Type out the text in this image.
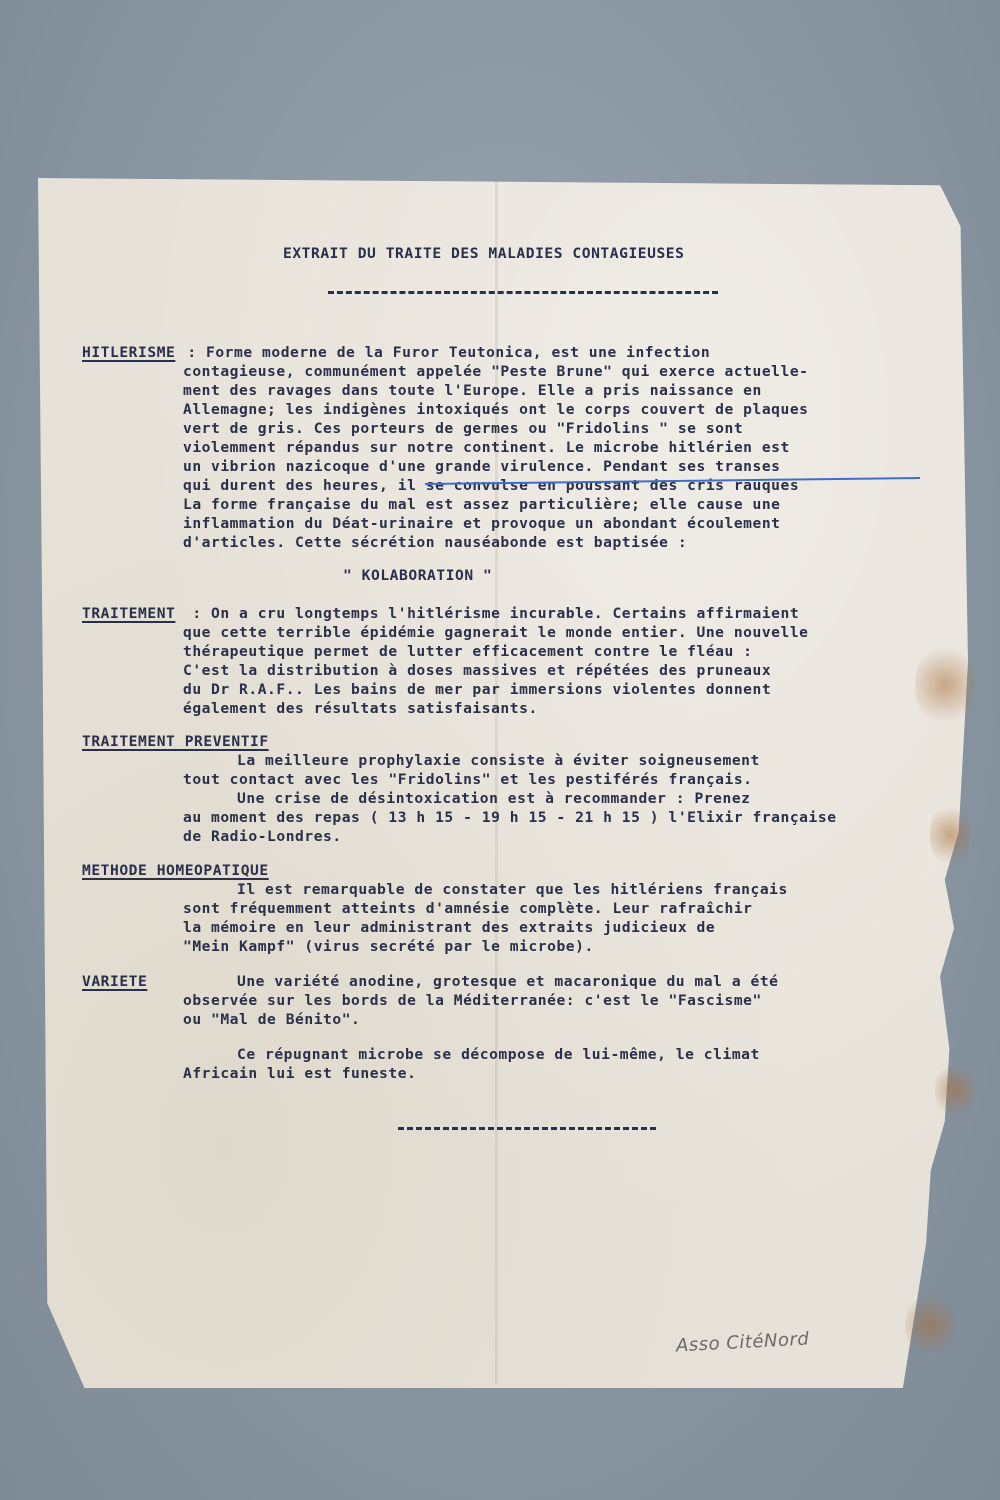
EXTRAIT DU TRAITE DES MALADIES CONTAGIEUSES

HITLERISME : Forme moderne de la Furor Teutonica, est une infection

contagieuse, communément appelée "Peste Brune" qui exerce actuelle-

ment des ravages dans toute l'Europe. Elle a pris naissance en

Allemagne; les indigènes intoxiqués ont le corps couvert de plaques

vert de gris. Ces porteurs de germes ou "Fridolins " se sont

violemment répandus sur notre continent. Le microbe hitlérien est

un vibrion nazicoque d'une grande virulence. Pendant ses transes

qui durent des heures, il se convulse en poussant des cris rauques

La forme française du mal est assez particulière; elle cause une

inflammation du Déat-urinaire et provoque un abondant écoulement

d'articles. Cette sécrétion nauséabonde est baptisée :

" KOLABORATION "

TRAITEMENT : On a cru longtemps l'hitlérisme incurable. Certains affirmaient

que cette terrible épidémie gagnerait le monde entier. Une nouvelle

thérapeutique permet de lutter efficacement contre le fléau :

C'est la distribution à doses massives et répétées des pruneaux

du Dr R.A.F.. Les bains de mer par immersions violentes donnent

également des résultats satisfaisants.

TRAITEMENT PREVENTIF

La meilleure prophylaxie consiste à éviter soigneusement

tout contact avec les "Fridolins" et les pestiférés français.

Une crise de désintoxication est à recommander : Prenez

au moment des repas ( 13 h 15 - 19 h 15 - 21 h 15 ) l'Elixir française

de Radio-Londres.

METHODE HOMEOPATIQUE

Il est remarquable de constater que les hitlériens français

sont fréquemment atteints d'amnésie complète. Leur rafraîchir

la mémoire en leur administrant des extraits judicieux de

"Mein Kampf" (virus secrété par le microbe).

VARIETE	Une variété anodine, grotesque et macaronique du mal a été

observée sur les bords de la Méditerranée: c'est le "Fascisme"

ou "Mal de Bénito".

Ce répugnant microbe se décompose de lui-même, le climat

Africain lui est funeste.

Asso CitéNord
